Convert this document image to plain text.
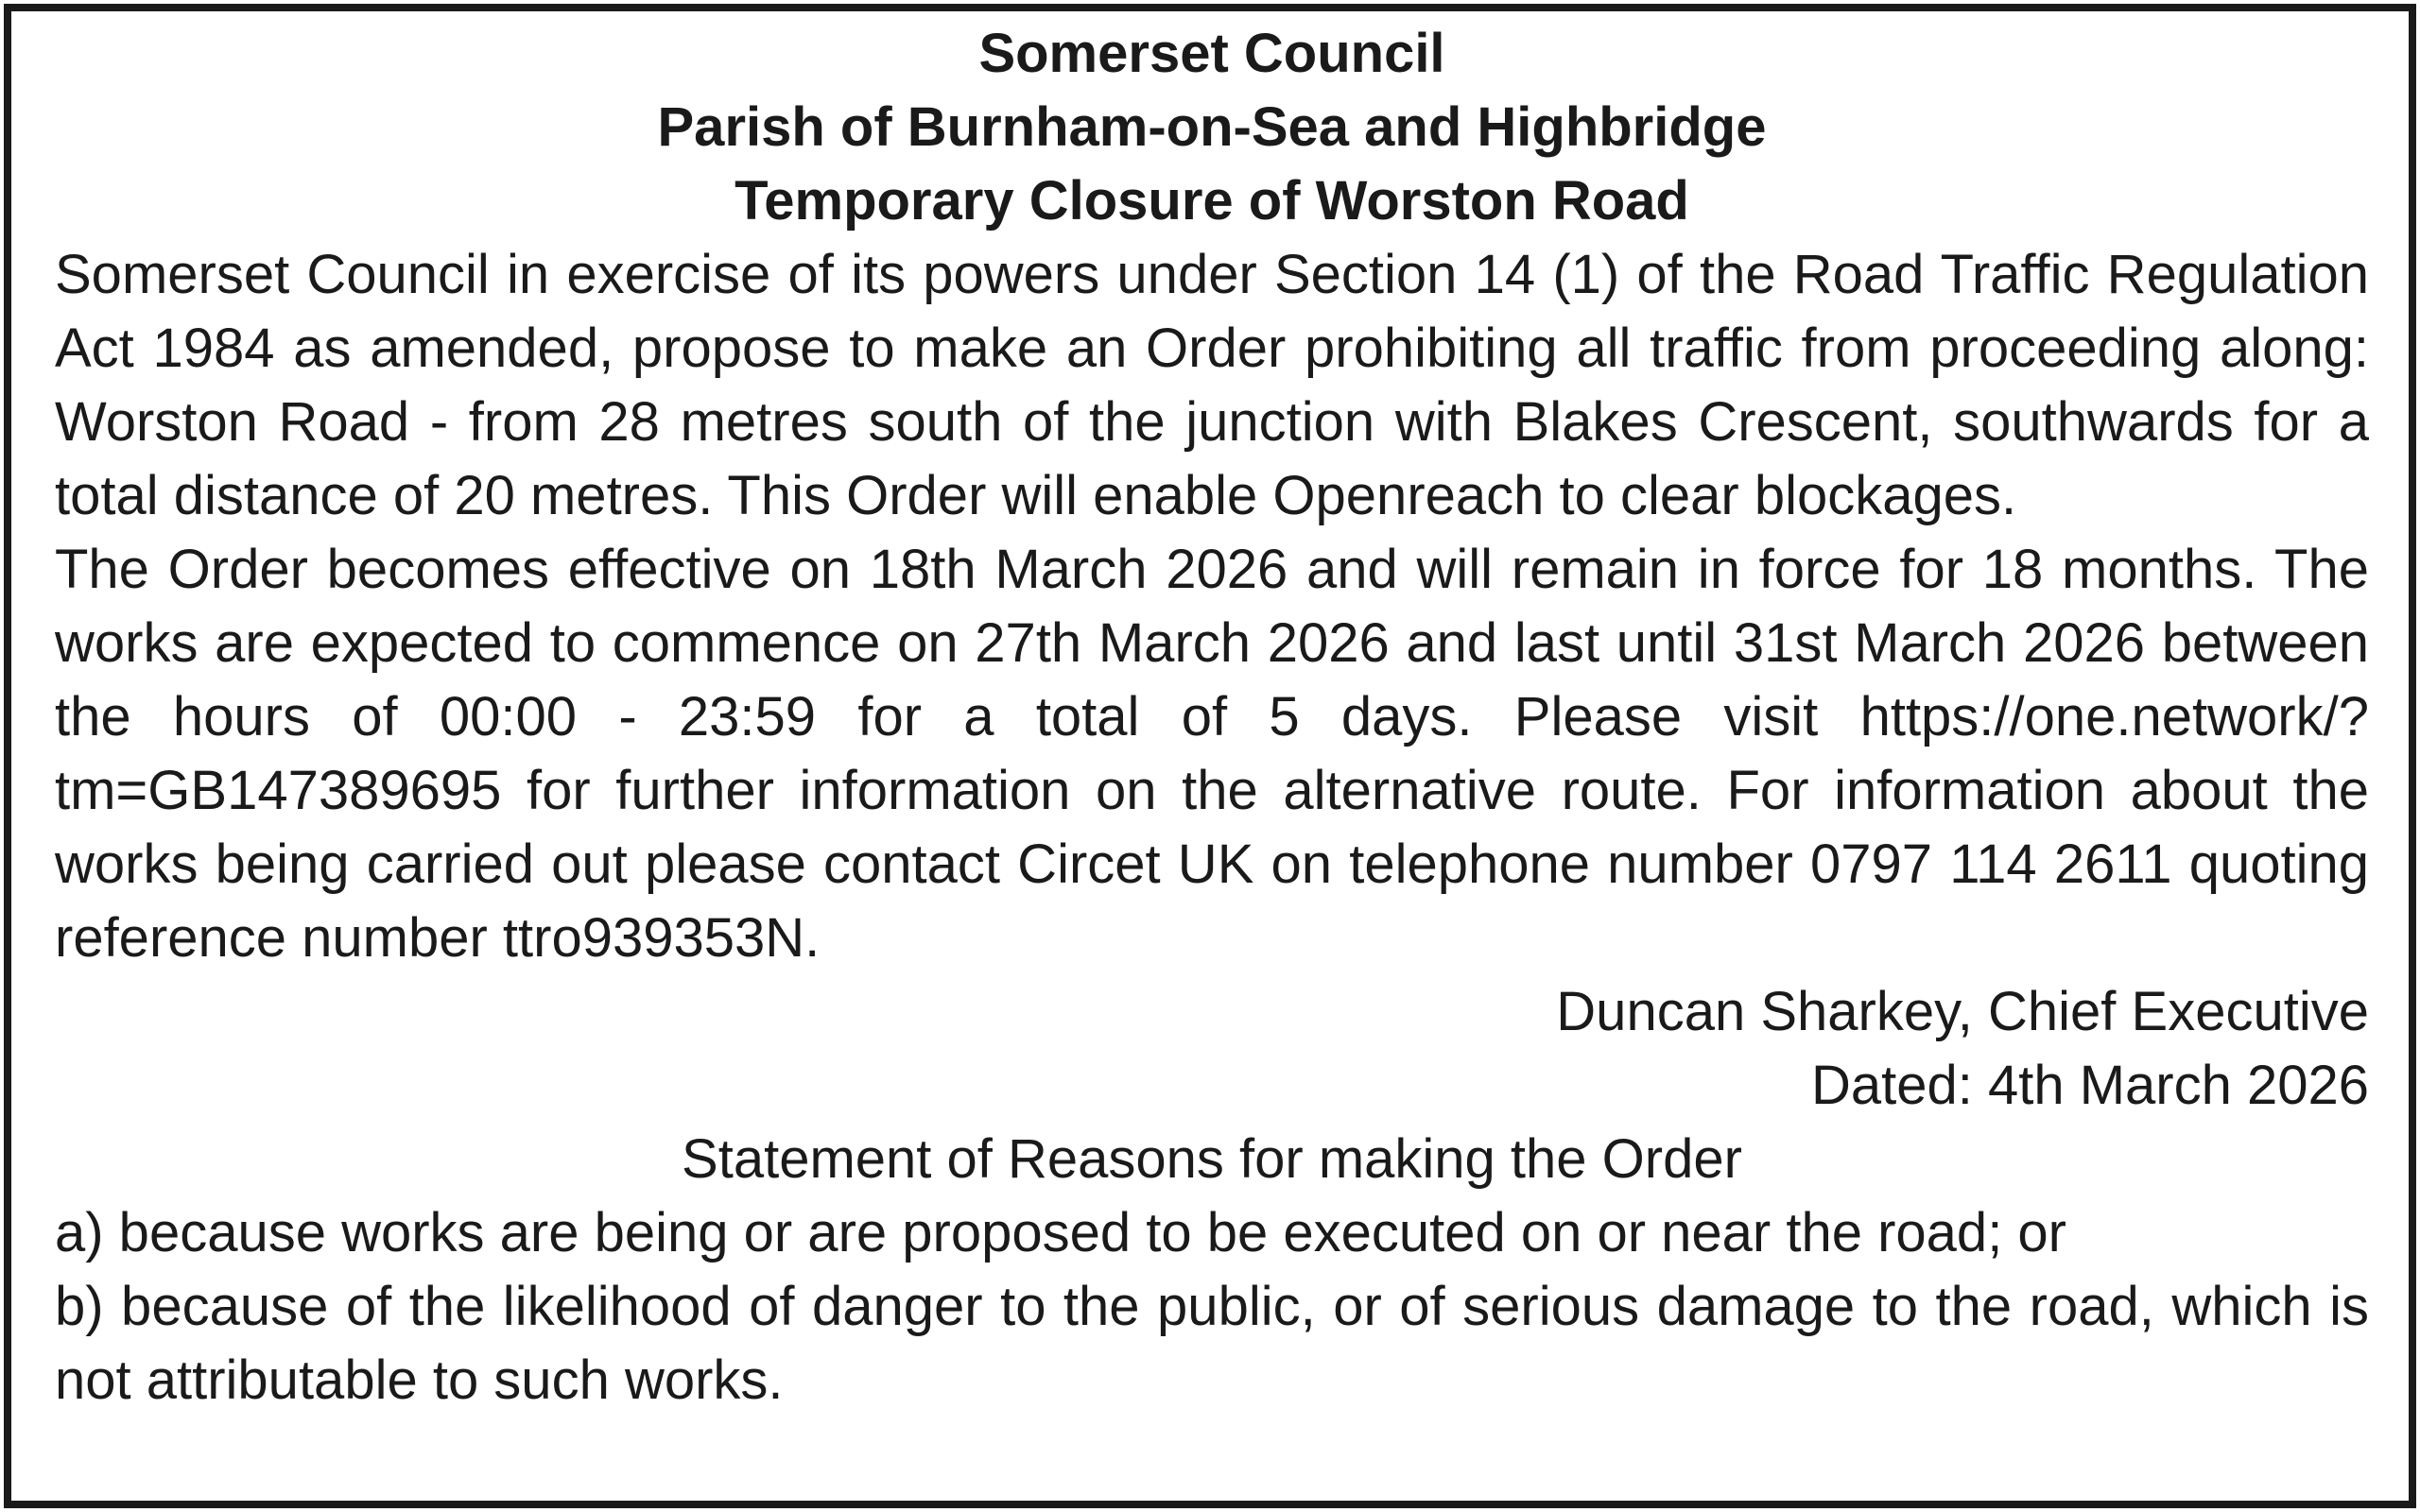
Somerset Council

Parish of Burnham-on-Sea and Highbridge

Temporary Closure of Worston Road

Somerset Council in exercise of its powers under Section 14 (1) of the Road Traffic Regulation Act 1984 as amended, propose to make an Order prohibiting all traffic from proceeding along: Worston Road - from 28 metres south of the junction with Blakes Crescent, southwards for a total distance of 20 metres. This Order will enable Openreach to clear blockages.

The Order becomes effective on 18th March 2026 and will remain in force for 18 months. The works are expected to commence on 27th March 2026 and last until 31st March 2026 between the hours of 00:00 - 23:59 for a total of 5 days. Please visit https://one.network/?tm=GB147389695 for further information on the alternative route. For information about the works being carried out please contact Circet UK on telephone number 0797 114 2611 quoting reference number ttro939353N.

Duncan Sharkey, Chief Executive

Dated: 4th March 2026

Statement of Reasons for making the Order

a) because works are being or are proposed to be executed on or near the road; or

b) because of the likelihood of danger to the public, or of serious damage to the road, which is not attributable to such works.
